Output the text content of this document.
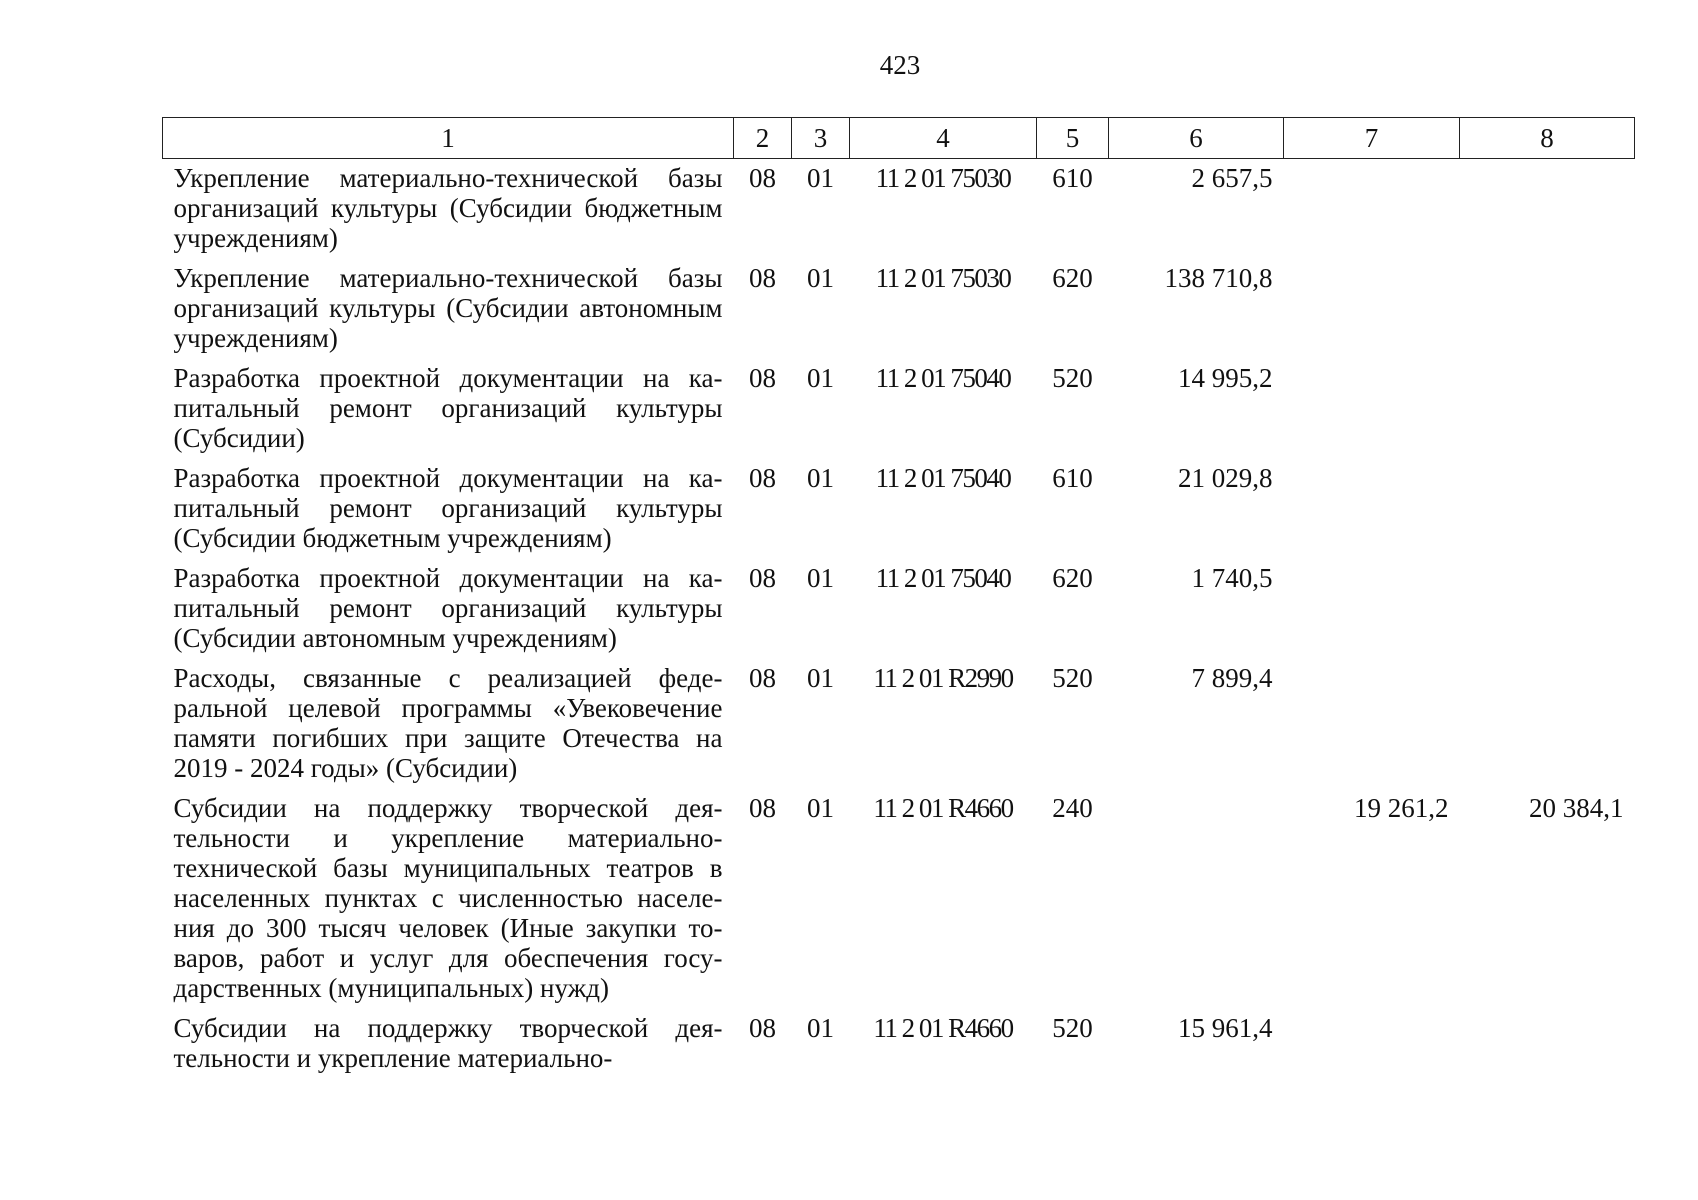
423
1	2	3	4	5	6	7	8
Укрепление материально-технической базы организаций культуры (Субсидии бюджетным учреждениям)	08	01	11 2 01 75030	610	2 657,5		
Укрепление материально-технической базы организаций культуры (Субсидии автономным учреждениям)	08	01	11 2 01 75030	620	138 710,8		
Разработка проектной документации на капитальный ремонт организаций культуры (Субсидии)	08	01	11 2 01 75040	520	14 995,2		
Разработка проектной документации на капитальный ремонт организаций культуры (Субсидии бюджетным учреждениям)	08	01	11 2 01 75040	610	21 029,8		
Разработка проектной документации на капитальный ремонт организаций культуры (Субсидии автономным учреждениям)	08	01	11 2 01 75040	620	1 740,5		
Расходы, связанные с реализацией федеральной целевой программы «Увековечение памяти погибших при защите Отечества на 2019 - 2024 годы» (Субсидии)	08	01	11 2 01 R2990	520	7 899,4		
Субсидии на поддержку творческой деятельности и укрепление материально-технической базы муниципальных театров в населенных пунктах с численностью населения до 300 тысяч человек (Иные закупки товаров, работ и услуг для обеспечения государственных (муниципальных) нужд)	08	01	11 2 01 R4660	240		19 261,2	20 384,1
Субсидии на поддержку творческой деятельности и укрепление материально-	08	01	11 2 01 R4660	520	15 961,4		
